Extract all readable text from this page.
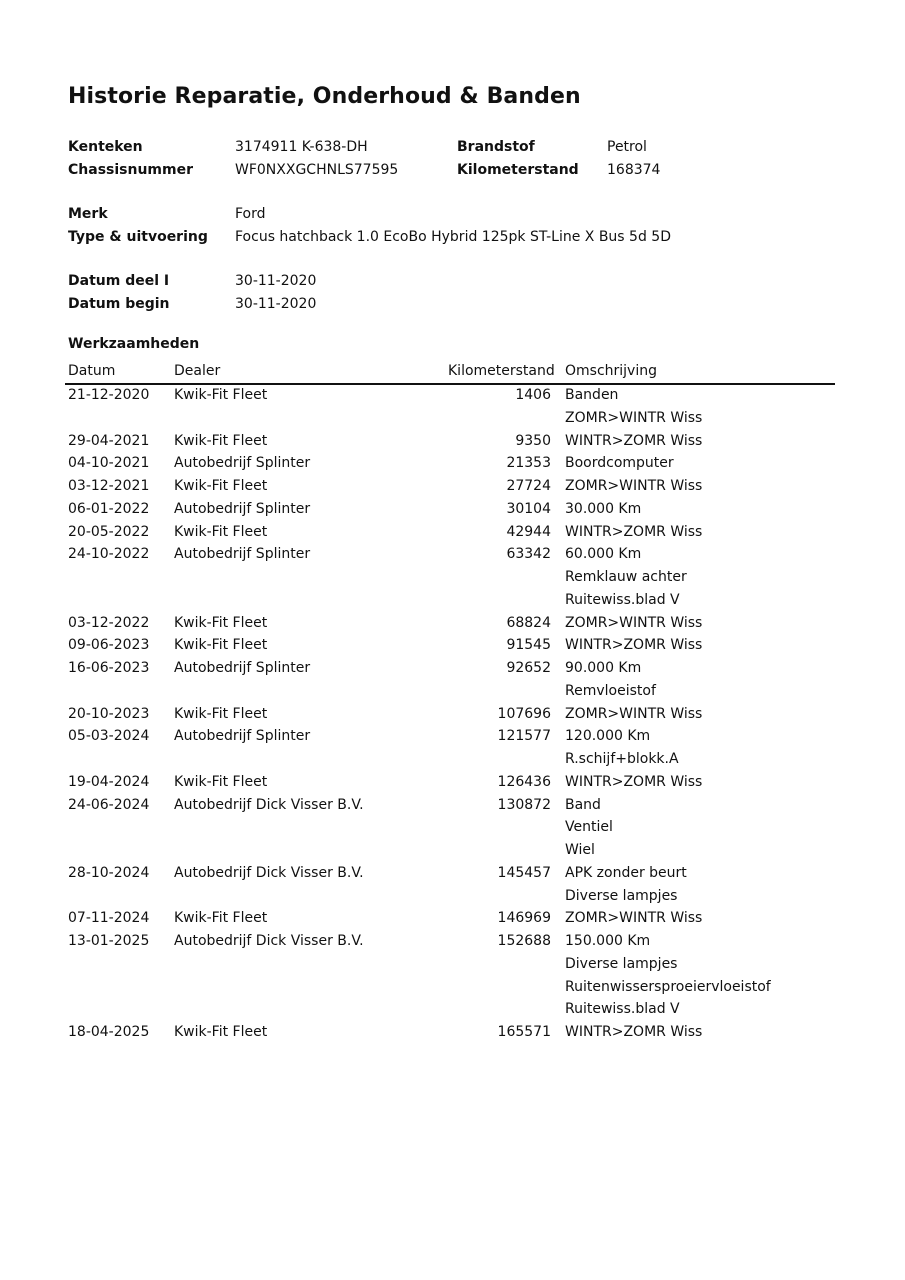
Historie Reparatie, Onderhoud & Banden
Kenteken	3174911 K-638-DH	Brandstof	Petrol
Chassisnummer	WF0NXXGCHNLS77595	Kilometerstand 168374
Merk	Ford
Type & uitvoering Focus hatchback 1.0 EcoBo Hybrid 125pk ST-Line X Bus 5d 5D
Datum deel I	30-11-2020
Datum begin	30-11-2020
Werkzaamheden
Datum	Dealer	Kilometerstand Omschrijving
21-12-2020 Kwik-Fit Fleet	1406 Banden
ZOMR>WINTR Wiss
29-04-2021 Kwik-Fit Fleet	9350 WINTR>ZOMR Wiss
04-10-2021 Autobedrijf Splinter	21353 Boordcomputer
03-12-2021 Kwik-Fit Fleet	27724 ZOMR>WINTR Wiss
06-01-2022 Autobedrijf Splinter	30104 30.000 Km
20-05-2022 Kwik-Fit Fleet	42944 WINTR>ZOMR Wiss
24-10-2022 Autobedrijf Splinter	63342 60.000 Km
Remklauw achter
Ruitewiss.blad V
03-12-2022 Kwik-Fit Fleet	68824 ZOMR>WINTR Wiss
09-06-2023 Kwik-Fit Fleet	91545 WINTR>ZOMR Wiss
16-06-2023 Autobedrijf Splinter	92652 90.000 Km
Remvloeistof
20-10-2023 Kwik-Fit Fleet	107696 ZOMR>WINTR Wiss
05-03-2024 Autobedrijf Splinter	121577 120.000 Km
R.schijf+blokk.A
19-04-2024 Kwik-Fit Fleet	126436 WINTR>ZOMR Wiss
24-06-2024 Autobedrijf Dick Visser B.V.	130872 Band
Ventiel
Wiel
28-10-2024 Autobedrijf Dick Visser B.V.	145457 APK zonder beurt
Diverse lampjes
07-11-2024 Kwik-Fit Fleet	146969 ZOMR>WINTR Wiss
13-01-2025 Autobedrijf Dick Visser B.V.	152688 150.000 Km
Diverse lampjes
Ruitenwissersproeiervloeistof
Ruitewiss.blad V
18-04-2025 Kwik-Fit Fleet	165571 WINTR>ZOMR Wiss
